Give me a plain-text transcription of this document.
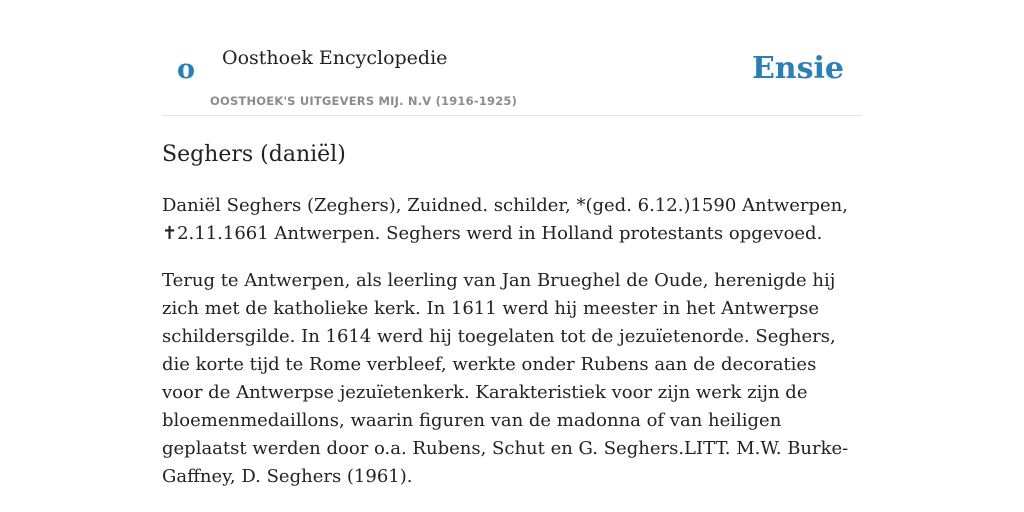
o Oosthoek Encyclopedie
OOSTHOEK'S UITGEVERS MIJ. N.V (1916-1925)
Ensie
Seghers (daniël)

Daniël Seghers (Zeghers), Zuidned. schilder, *(ged. 6.12.)1590 Antwerpen, ✝2.11.1661 Antwerpen. Seghers werd in Holland protestants opgevoed.

Terug te Antwerpen, als leerling van Jan Brueghel de Oude, herenigde hij zich met de katholieke kerk. In 1611 werd hij meester in het Antwerpse schildersgilde. In 1614 werd hij toegelaten tot de jezuïetenorde. Seghers, die korte tijd te Rome verbleef, werkte onder Rubens aan de decoraties voor de Antwerpse jezuïetenkerk. Karakteristiek voor zijn werk zijn de bloemenmedaillons, waarin figuren van de madonna of van heiligen geplaatst werden door o.a. Rubens, Schut en G. Seghers.LITT. M.W. Burke-Gaffney, D. Seghers (1961).
